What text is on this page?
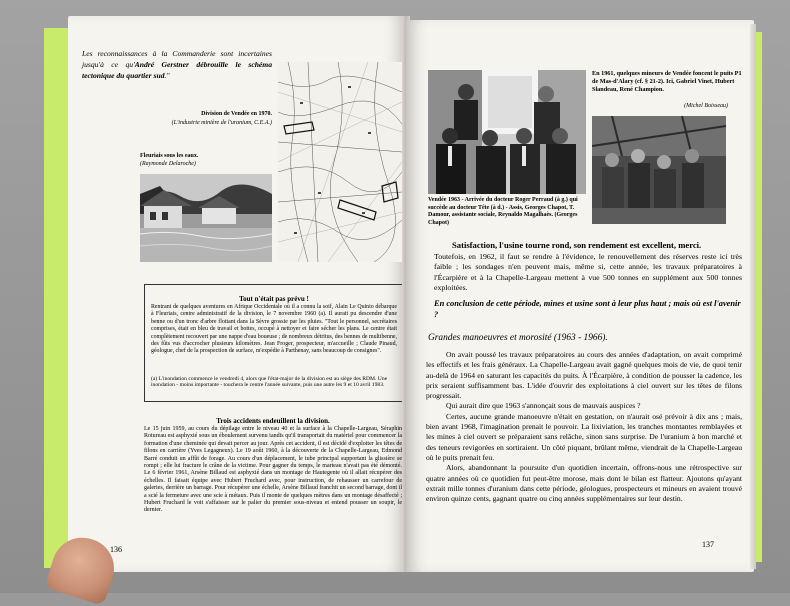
Les reconnaissances à la Commanderie sont incertaines jusqu'à ce qu'André Gerstner débrouille le schéma tectonique du quartier sud."

Division de Vendée en 1970.

(L'industrie minière de l'uranium, C.E.A.)

Fleuriais sous les eaux.

(Raymonde Delaroche)

Tout n'était pas prévu !

Rentrant de quelques aventures en Afrique Occidentale où il a connu la soif, Alain Le Quinio débarque à Fleuriais, centre administratif de la division, le 7 novembre 1960 (a). Il aurait pu descendre d'une benne ou d'un tronc d'arbre flottant dans la Sèvre grossie par les pluies. "Tout le personnel, secrétaires comprises, était en bleu de travail et bottes, occupé à nettoyer et faire sécher les plans. Le centre était complètement recouvert par une nappe d'eau boueuse ; de nombreux détritus, des bennes de multibenne, des fûts vus d'accrocher plusieurs kilomètres. Jean Froger, prospecteur, m'accueille ; Claude Pinaud, géologue, chef de la prospection de surface, m'expédie à Parthenay, sans beaucoup de consignes".

(a) L'inondation commence le vendredi 4, alors que l'état-major de la division est au siège des RDM. Une inondation - moins importante - touchera le centre l'année suivante, puis une autre les 9 et 10 avril 1983.

Trois accidents endeuillent la division.

Le 15 juin 1959, au cours du dépilage entre le niveau 40 et la surface à la Chapelle-Largeau, Séraphin Rotureau est asphyxié sous un éboulement survenu tandis qu'il transportait du matériel pour commencer la formation d'une cheminée qui devait percer au jour. Après cet accident, il est décidé d'exploiter les têtes de filons en carrière (Yves Legagneux). Le 19 août 1960, à la découverte de la Chapelle-Largeau, Edmond Barré conduit un affût de forage. Au cours d'un déplacement, le tube principal supportant la glissière se rompt ; elle lui fracture le crâne de la victime. Pour gagner du temps, le marteau n'avait pas été démonté. Le 6 février 1961, Arsène Billaud est asphyxié dans un montage de Hautegente où il allait récupérer des échelles. Il faisait équipe avec Hubert Fruchard avec, pour instruction, de rehausser un carrefour de galeries, derrière un barrage. Pour récupérer une échelle, Arsène Billaud franchit un second barrage, dont il a scié la fermeture avec une scie à métaux. Puis il monte de quelques mètres dans un montage désaffecté ; Hubert Fruchard le voit s'affaisser sur le palier du premier sous-niveau et entend pousser un soupir, le dernier.

136

En 1961, quelques mineurs de Vendée foncent le puits P1 de Mas-d'Alary (cf. § 21-2). Ici, Gabriel Vinet, Hubert Slandeau, René Champion.

(Michel Boisseau)

Vendée 1963 - Arrivée du docteur Roger Perraud (à g.) qui succède au docteur Tête (à d.) - Assis, Georges Chapot, T. Damour, assistante sociale, Reynaldo Magalhaès. (Georges Chapot)

Satisfaction, l'usine tourne rond, son rendement est excellent, merci.

Toutefois, en 1962, il faut se rendre à l'évidence, le renouvellement des réserves reste ici très faible ; les sondages n'en peuvent mais, même si, cette année, les travaux préparatoires à l'Écarpière et à la Chapelle-Largeau mettent à vue 500 tonnes en supplément aux 500 tonnes exploitées.

En conclusion de cette période, mines et usine sont à leur plus haut ; mais où est l'avenir ?

Grandes manoeuvres et morosité (1963 - 1966).

On avait poussé les travaux préparatoires au cours des années d'adaptation, on avait comprimé les effectifs et les frais généraux. La Chapelle-Largeau avait gagné quelques mois de vie, de quoi tenir au-delà de 1964 en saturant les capacités du puits. À l'Écarpière, à condition de pousser la cadence, les prix seraient suffisamment bas. L'idée d'ouvrir des exploitations à ciel ouvert sur les têtes de filons progressait.

Qui aurait dire que 1963 s'annonçait sous de mauvais auspices ?

Certes, aucune grande manoeuvre n'était en gestation, on n'aurait osé prévoir à dix ans ; mais, bien avant 1968, l'imagination prenait le pouvoir. La lixiviation, les tranches montantes remblayées et les mines à ciel ouvert se préparaient sans relâche, sinon sans surprise. De l'uranium à bon marché et des teneurs revigorées en sortiraient. Un côté piquant, brûlant même, viendrait de la Chapelle-Largeau où le puits prenait feu.

Alors, abandonnant la poursuite d'un quotidien incertain, offrons-nous une rétrospective sur quatre années où ce quotidien fut peut-être morose, mais dont le bilan est flatteur. Ajoutons qu'ayant extrait mille tonnes d'uranium dans cette période, géologues, prospecteurs et mineurs en avaient trouvé environ quinze cents, gagnant quatre ou cinq années supplémentaires sur leur destin.

137
